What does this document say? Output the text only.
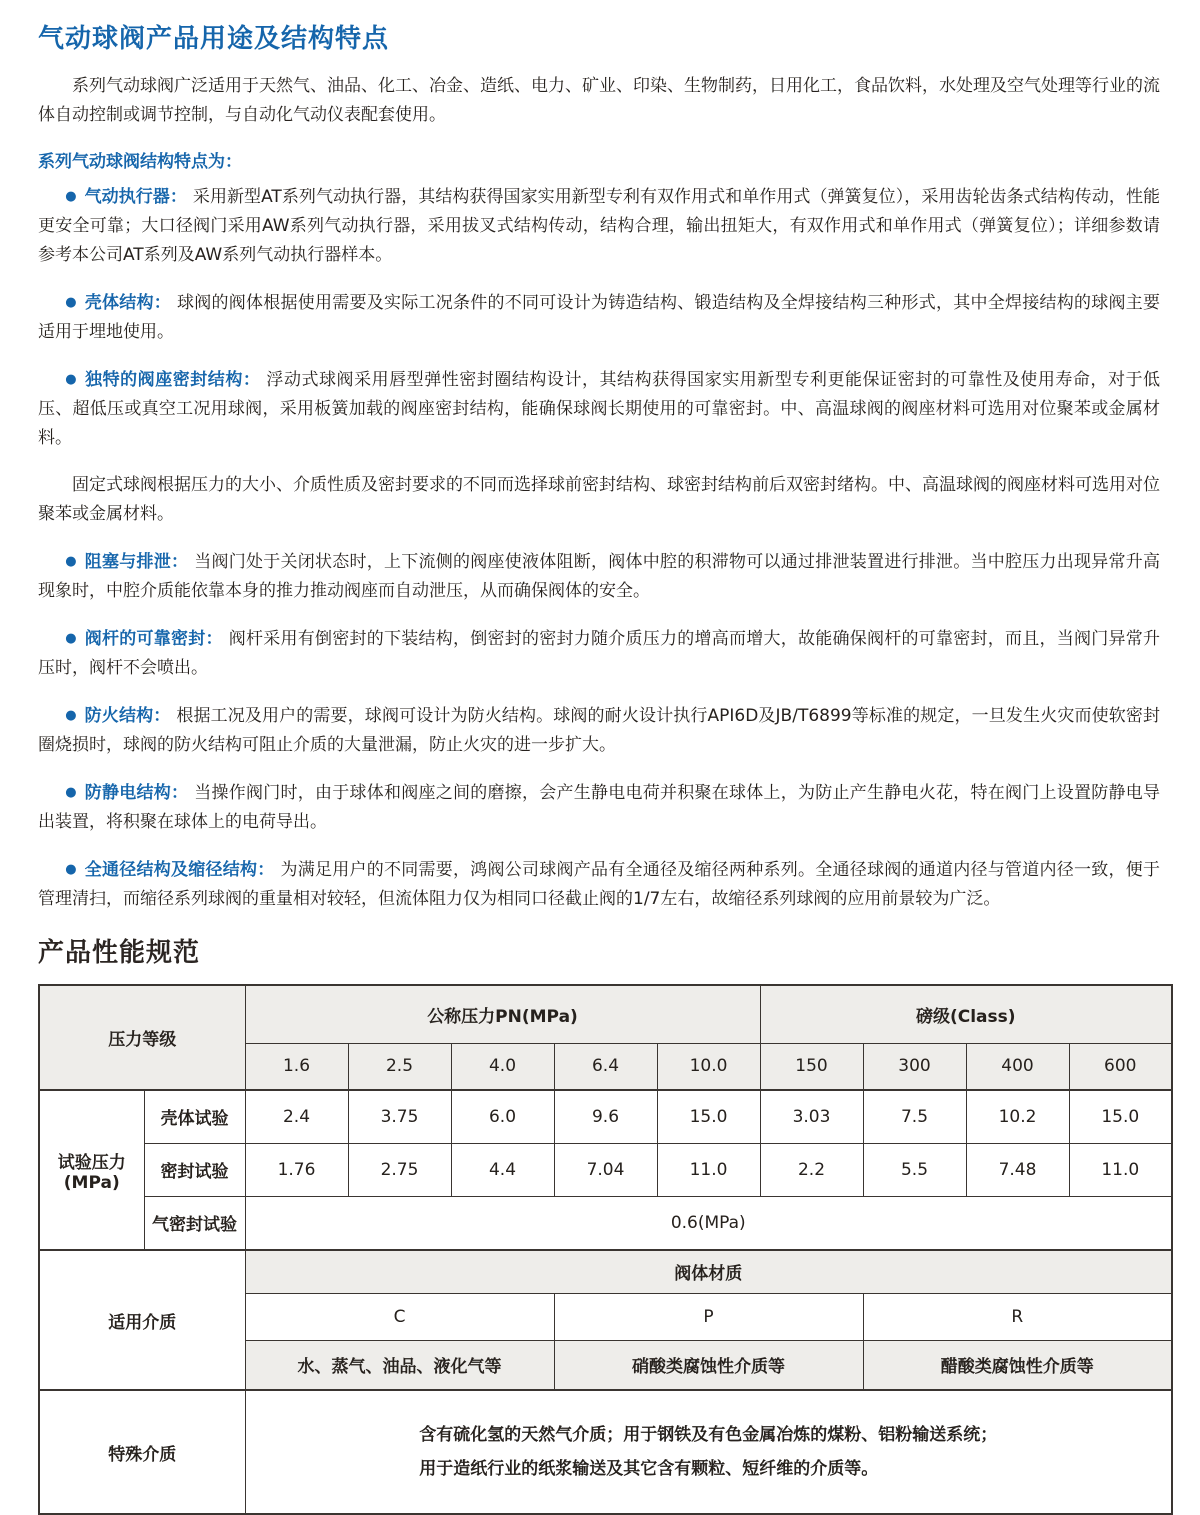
气动球阀产品用途及结构特点

系列气动球阀广泛适用于天然气、油品、化工、冶金、造纸、电力、矿业、印染、生物制药，日用化工，食品饮料，水处理及空气处理等行业的流体自动控制或调节控制，与自动化气动仪表配套使用。

系列气动球阀结构特点为：

● 气动执行器： 采用新型AT系列气动执行器，其结构获得国家实用新型专利有双作用式和单作用式（弹簧复位），采用齿轮齿条式结构传动，性能更安全可靠；大口径阀门采用AW系列气动执行器，采用拔叉式结构传动，结构合理，输出扭矩大，有双作用式和单作用式（弹簧复位）；详细参数请参考本公司AT系列及AW系列气动执行器样本。

● 壳体结构： 球阀的阀体根据使用需要及实际工况条件的不同可设计为铸造结构、锻造结构及全焊接结构三种形式，其中全焊接结构的球阀主要适用于埋地使用。

● 独特的阀座密封结构： 浮动式球阀采用唇型弹性密封圈结构设计，其结构获得国家实用新型专利更能保证密封的可靠性及使用寿命，对于低压、超低压或真空工况用球阀，采用板簧加载的阀座密封结构，能确保球阀长期使用的可靠密封。中、高温球阀的阀座材料可选用对位聚苯或金属材料。

固定式球阀根据压力的大小、介质性质及密封要求的不同而选择球前密封结构、球密封结构前后双密封绪构。中、高温球阀的阀座材料可选用对位聚苯或金属材料。

● 阻塞与排泄： 当阀门处于关闭状态时，上下流侧的阀座使液体阻断，阀体中腔的积滞物可以通过排泄装置进行排泄。当中腔压力出现异常升高现象时，中腔介质能依靠本身的推力推动阀座而自动泄压，从而确保阀体的安全。

● 阀杆的可靠密封： 阀杆采用有倒密封的下装结构，倒密封的密封力随介质压力的增高而增大，故能确保阀杆的可靠密封，而且，当阀门异常升压时，阀杆不会喷出。

● 防火结构： 根据工况及用户的需要，球阀可设计为防火结构。球阀的耐火设计执行API6D及JB/T6899等标准的规定，一旦发生火灾而使软密封圈烧损时，球阀的防火结构可阻止介质的大量泄漏，防止火灾的进一步扩大。

● 防静电结构： 当操作阀门时，由于球体和阀座之间的磨擦，会产生静电电荷并积聚在球体上，为防止产生静电火花，特在阀门上设置防静电导出装置，将积聚在球体上的电荷导出。

● 全通径结构及缩径结构： 为满足用户的不同需要，鸿阀公司球阀产品有全通径及缩径两种系列。全通径球阀的通道内径与管道内径一致，便于管理清扫，而缩径系列球阀的重量相对较轻，但流体阻力仅为相同口径截止阀的1/7左右，故缩径系列球阀的应用前景较为广泛。

产品性能规范
压力等级		公称压力PN(MPa)					磅级(Class)			
		1.6	2.5	4.0	6.4	10.0	150	300	400	600

试验压力
(MPa)	壳体试验	2.4	3.75	6.0	9.6	15.0	3.03	7.5	10.2	15.0
	密封试验	1.76	2.75	4.4	7.04	11.0	2.2	5.5	7.48	11.0
	气密封试验	0.6(MPa)								
适用介质		阀体材质								
		C			P			R		
		水、蒸气、油品、液化气等			硝酸类腐蚀性介质等			醋酸类腐蚀性介质等		
特殊介质		含有硫化氢的天然气介质；用于钢铁及有色金属冶炼的煤粉、铝粉输送系统；
用于造纸行业的纸浆输送及其它含有颗粒、短纤维的介质等。								
